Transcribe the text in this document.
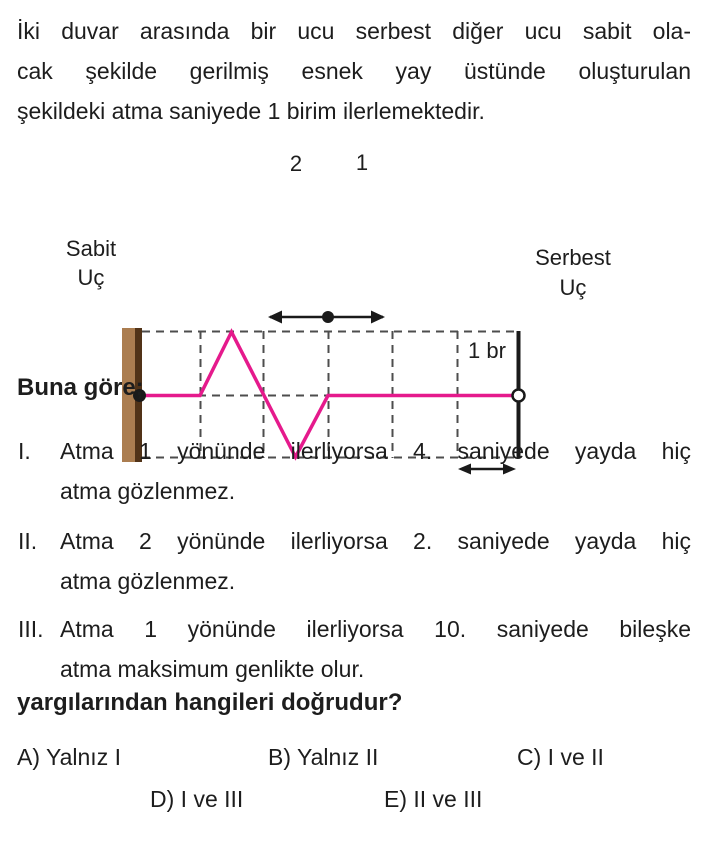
İki duvar arasında bir ucu serbest diğer ucu sabit ola-
cak şekilde gerilmiş esnek yay üstünde oluşturulan
şekildeki atma saniyede 1 birim ilerlemektedir.
2 1
Sabit
Uç
Serbest
Uç
1 br
Buna göre;
I. Atma 1 yönünde ilerliyorsa 4. saniyede yayda hiç
atma gözlenmez.
II. Atma 2 yönünde ilerliyorsa 2. saniyede yayda hiç
atma gözlenmez.
III. Atma 1 yönünde ilerliyorsa 10. saniyede bileşke
atma maksimum genlikte olur.
yargılarından hangileri doğrudur?
A) Yalnız I	B) Yalnız II	C) I ve II
D) I ve III	E) II ve III
